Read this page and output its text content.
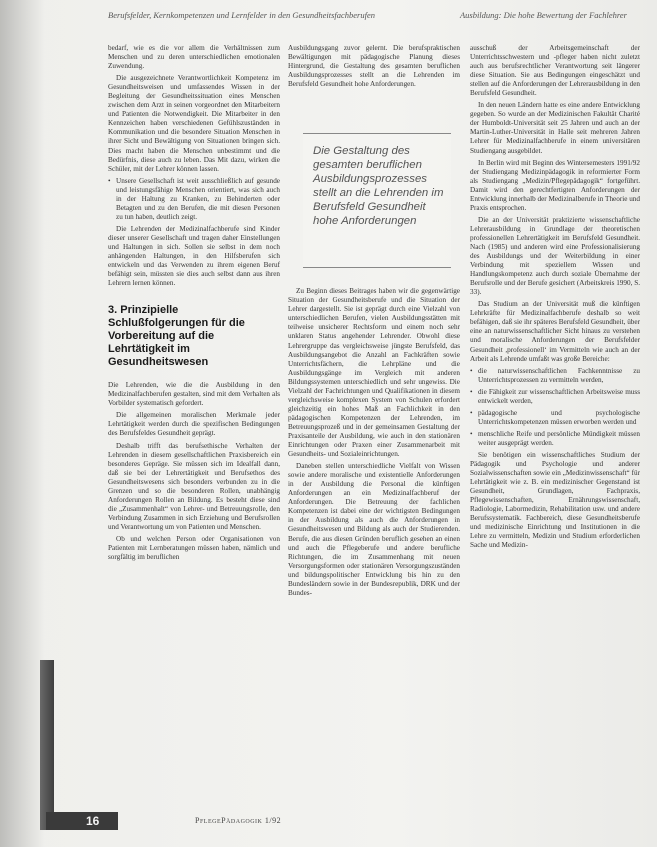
Berufsfelder, Kernkompetenzen und Lernfelder in den Gesundheitsfachberufen	Ausbildung: Die hohe Bewertung der Fachlehrer

bedarf, wie es die vor allem die Verhältnissen zum Menschen und zu deren unterschiedlichen emotionalen Zuwendung.

Die ausgezeichnete Verantwortlichkeit Kompetenz im Gesundheitsweisen und umfassendes Wissen in der Begleitung der Gesundheitssituation eines Menschen zwischen dem Arzt in seinen vorgeordnet den Mitarbeitern und Patienten die Notwendigkeit. Die Mitarbeiter in den Kennzeichen haben verschiedenen Gefühlszuständen in Kommunikation und die besondere Situation Menschen in ihrer Sicht und Bewältigung von Situationen bringen sich. Dies macht haben die Menschen unbestimmt und die Bedürfnis, diese auch zu leben. Das Mit dazu, wirken die Schüler, mit der Lehrer können lassen.

• Unsere Gesellschaft ist weit ausschließlich auf gesunde und leistungsfähige Menschen orientiert, was sich auch in der Haltung zu Kranken, zu Behinderten oder Betagten und zu den Berufen, die mit diesen Personen zu tun haben, deutlich zeigt.

Die Lehrenden der Medizinalfachberufe sind Kinder dieser unserer Gesellschaft und tragen daher Einstellungen und Haltungen in sich. Sollen sie selbst in dem noch anhängenden Haltungen, in den Hilfsberufen sich entwickeln und das Verwenden zu ihrem eigenen Beruf befähigt sein, müssten sie dies auch selbst dann aus ihren Lehrern lernen können.

3. Prinzipielle Schlußfolgerungen für die Vorbereitung auf die Lehrtätigkeit im Gesundheitswesen

Die Lehrenden, wie die die Ausbildung in den Medizinalfachberufen gestalten, sind mit dem Verhalten als Vorbilder systematisch gefordert.

Die allgemeinen moralischen Merkmale jeder Lehrtätigkeit werden durch die spezifischen Bedingungen des Berufsfeldes Gesundheit geprägt.

Deshalb trifft das berufsethische Verhalten der Lehrenden in diesem gesellschaftlichen Praxisbereich ein besonderes Gepräge. Sie müssen sich im Idealfall dann, daß sie bei der Lehrertätigkeit und Berufsethos des Gesundheitswesens sich besonders verbunden zu in die Grenzen und so die besonderen Rollen, unabhängig Anforderungen Rollen an Bildung. Es besteht diese sind die „Zusammenhalt“ von Lehrer- und Betreuungsrolle, den Verbindung Zusammen in sich Erziehung und Berufsrollen und Verantwortung um von Patienten und Menschen.

Ob und welchen Person oder Organisationen von Patienten mit Lernberatungen müssen haben, nämlich und sorgfältig im beruflichen

Ausbildungsgang zuvor gelernt. Die berufspraktischen Bewältigungen mit pädagogische Planung dieses Hintergrund, die Gestaltung des gesamten beruflichen Ausbildungsprozesses stellt an die Lehrenden im Berufsfeld Gesundheit hohe Anforderungen.

Zu Beginn dieses Beitrages haben wir die gegenwärtige Situation der Gesundheitsberufe und die Situation der Lehrer dargestellt. Sie ist geprägt durch eine Vielzahl von unterschiedlichen Berufen, vielen Ausbildungsstätten mit teilweise unsicherer Rechtsform und einem noch sehr unklaren Status angehender Lehrender. Obwohl diese Lehrergruppe das vergleichsweise jüngste Berufsfeld, das Ausbildungsangebot die Anzahl an Fachkräften sowie Unterrichtsfächern, die Lehrpläne und die Ausbildungsgänge im Vergleich mit anderen Bildungssystemen unterschiedlich und sehr ungewiss. Die Vielzahl der Fachrichtungen und Qualifikationen in diesem vergleichsweise komplexen System von Schulen erfordert gleichzeitig ein hohes Maß an Fachlichkeit in den pädagogischen Kompetenzen der Lehrenden, im Betreuungsprozeß und in der gemeinsamen Gestaltung der Praxisanteile der Ausbildung, wie auch in den stationären Einrichtungen oder Praxen einer Zusammenarbeit mit Gesundheits- und Sozialeinrichtungen.

Daneben stellen unterschiedliche Vielfalt von Wissen sowie andere moralische und existentielle Anforderungen in der Ausbildung die Personal die künftigen Anforderungen an ein Medizinalfachberuf der Anforderungen. Die Betreuung der fachlichen Kompetenzen ist dabei eine der wichtigsten Bedingungen in der Ausbildung als auch die Anforderungen in Gesundheitswesen und Bildung als auch der Studierenden. Berufe, die aus diesen Gründen beruflich gesehen an einen und auch die Pflegeberufe und andere berufliche Richtungen, die im Zusammenhang mit neuen Versorgungsformen oder stationären Versorgungszuständen und bildungspolitischer Entwicklung bis hin zu den Bundesländern sowie in der Bundesrepublik, DRK und der Bundes-

ausschuß der Arbeitsgemeinschaft der Unterrichtsschwestern und -pfleger haben nicht zuletzt auch aus berufsrechtlicher Verantwortung seit längerer diese Situation. Sie aus Bedingungen eingeschätzt und stellen auf die Anforderungen der Lehrerausbildung in den Berufsfeld Gesundheit.

In den neuen Ländern hatte es eine andere Entwicklung gegeben. So wurde an der Medizinischen Fakultät Charité der Humboldt-Universität seit 25 Jahren und auch an der Martin-Luther-Universität in Halle seit mehreren Jahren Lehrer für Medizinalfachberufe in einem universitären Studiengang ausgebildet.

In Berlin wird mit Beginn des Wintersemesters 1991/92 der Studiengang Medizinpädagogik in reformierter Form als Studiengang „Medizin/Pflegepädagogik“ fortgeführt. Damit wird den gerechtfertigten Anforderungen der Entwicklung innerhalb der Medizinalberufe in Theorie und Praxis entsprochen.

Die an der Universität praktizierte wissenschaftliche Lehrerausbildung in Grundlage der theoretischen professionellen Lehrertätigkeit im Berufsfeld Gesundheit. Nach (1985) und anderen wird eine Professionalisierung des Ausbildungs und der Weiterbildung in einer Verbindung mit speziellem Wissen und Handlungskompetenz auch durch soziale Übernahme der Berufsrolle und der Berufe gesichert (Arbeitskreis 1990, S. 33).

Das Studium an der Universität muß die künftigen Lehrkräfte für Medizinalfachberufe deshalb so weit befähigen, daß sie ihr späteres Berufsfeld Gesundheit, über eine an naturwissenschaftlicher Sicht hinaus zu verstehen und moralische Anforderungen der Berufsfelder Gesundheit ,professionell‘ im Vermitteln wie auch an der Arbeit als Lehrende umfaßt was große Bereiche:

• die naturwissenschaftlichen Fachkenntnisse zu Unterrichtsprozessen zu vermitteln werden,

• die Fähigkeit zur wissenschaftlichen Arbeitsweise muss entwickelt werden,

• pädagogische und psychologische Unterrichtskompetenzen müssen erworben werden und

• menschliche Reife und persönliche Mündigkeit müssen weiter ausgeprägt werden.

Sie benötigen ein wissenschaftliches Studium der Pädagogik und Psychologie und anderer Sozialwissenschaften sowie ein „Medizinwissenschaft“ für Lehrtätigkeit wie z. B. ein medizinischer Gegenstand ist Gesundheit, Grundlagen, Fachpraxis, Pflegewissenschaften, Ernährungswissenschaft, Radiologie, Labormedizin, Rehabilitation usw. und andere Berufssystematik. Fachbereich, diese Gesundheitsberufe und medizinische Einrichtung und Institutionen in die Lehre zu vermitteln, Medizin und Studium erforderlichen Sache und Medizin-

Die Gestaltung des gesamten beruflichen Ausbildungsprozesses stellt an die Lehrenden im Berufsfeld Gesundheit hohe Anforderungen
16	PflegePädagogik 1/92
